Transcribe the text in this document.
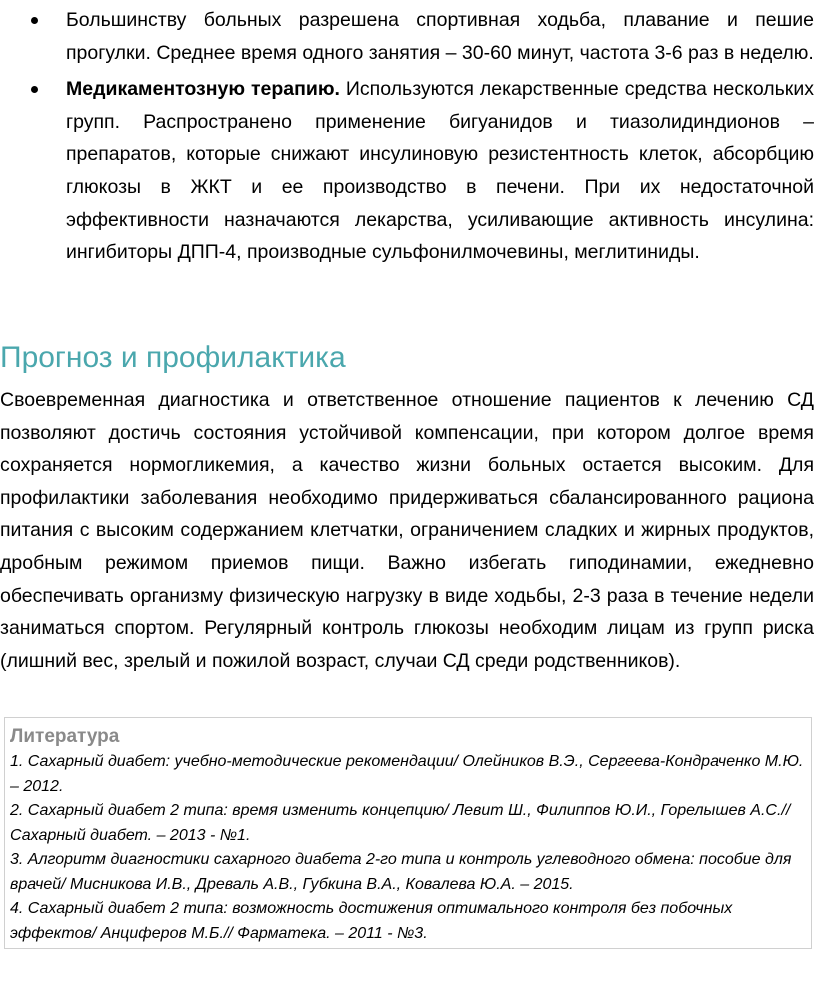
Большинству больных разрешена спортивная ходьба, плавание и пешие прогулки. Среднее время одного занятия – 30-60 минут, частота 3-6 раз в неделю.
Медикаментозную терапию. Используются лекарственные средства нескольких групп. Распространено применение бигуанидов и тиазолидиндионов – препаратов, которые снижают инсулиновую резистентность клеток, абсорбцию глюкозы в ЖКТ и ее производство в печени. При их недостаточной эффективности назначаются лекарства, усиливающие активность инсулина: ингибиторы ДПП-4, производные сульфонилмочевины, меглитиниды.
Прогноз и профилактика

Своевременная диагностика и ответственное отношение пациентов к лечению СД позволяют достичь состояния устойчивой компенсации, при котором долгое время сохраняется нормогликемия, а качество жизни больных остается высоким. Для профилактики заболевания необходимо придерживаться сбалансированного рациона питания с высоким содержанием клетчатки, ограничением сладких и жирных продуктов, дробным режимом приемов пищи. Важно избегать гиподинамии, ежедневно обеспечивать организму физическую нагрузку в виде ходьбы, 2-3 раза в течение недели заниматься спортом. Регулярный контроль глюкозы необходим лицам из групп риска (лишний вес, зрелый и пожилой возраст, случаи СД среди родственников).

Литература
1. Сахарный диабет: учебно-методические рекомендации/ Олейников В.Э., Сергеева-Кондраченко М.Ю. – 2012.
2. Сахарный диабет 2 типа: время изменить концепцию/ Левит Ш., Филиппов Ю.И., Горелышев А.С.// Сахарный диабет. – 2013 - №1.
3. Алгоритм диагностики сахарного диабета 2-го типа и контроль углеводного обмена: пособие для врачей/ Мисникова И.В., Древаль А.В., Губкина В.А., Ковалева Ю.А. – 2015.
4. Сахарный диабет 2 типа: возможность достижения оптимального контроля без побочных эффектов/ Анциферов М.Б.// Фарматека. – 2011 - №3.
